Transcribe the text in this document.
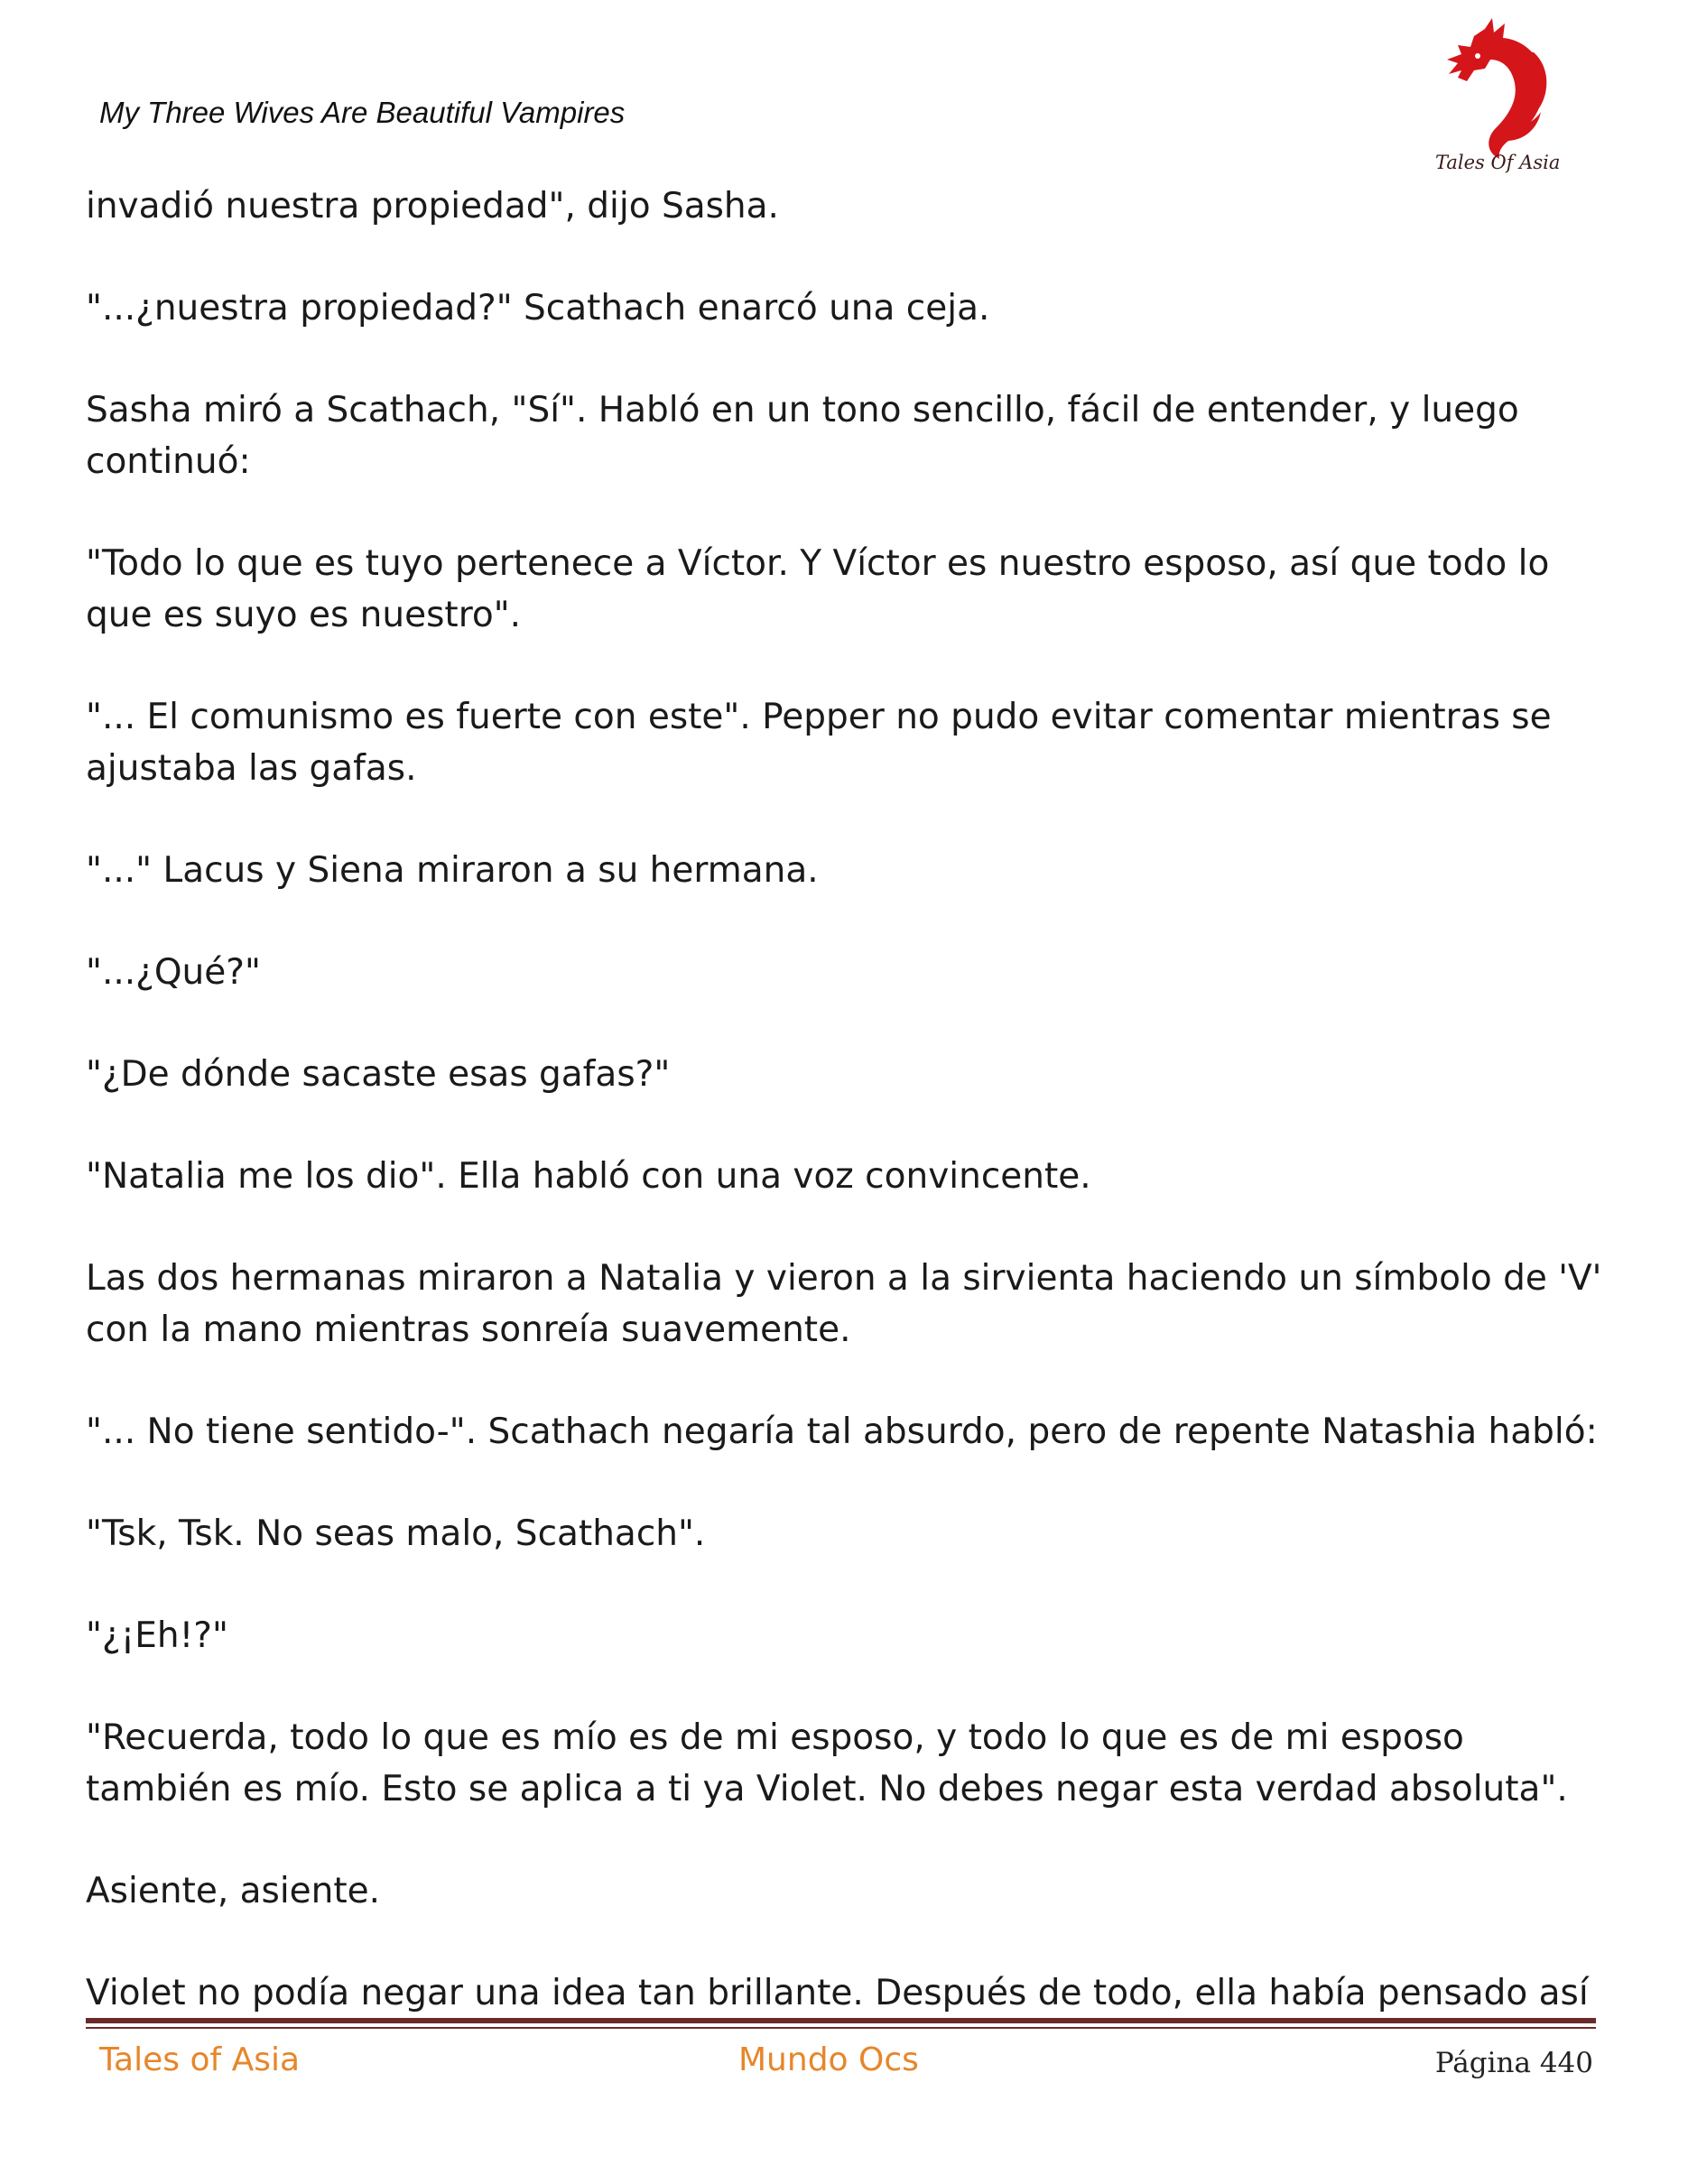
My Three Wives Are Beautiful Vampires
Tales Of Asia

invadió nuestra propiedad", dijo Sasha.

"...¿nuestra propiedad?" Scathach enarcó una ceja.

Sasha miró a Scathach, "Sí". Habló en un tono sencillo, fácil de entender, y luego continuó:

"Todo lo que es tuyo pertenece a Víctor. Y Víctor es nuestro esposo, así que todo lo que es suyo es nuestro".

"... El comunismo es fuerte con este". Pepper no pudo evitar comentar mientras se ajustaba las gafas.

"..." Lacus y Siena miraron a su hermana.

"...¿Qué?"

"¿De dónde sacaste esas gafas?"

"Natalia me los dio". Ella habló con una voz convincente.

Las dos hermanas miraron a Natalia y vieron a la sirvienta haciendo un símbolo de 'V' con la mano mientras sonreía suavemente.

"... No tiene sentido-". Scathach negaría tal absurdo, pero de repente Natashia habló:

"Tsk, Tsk. No seas malo, Scathach".

"¿¡Eh!?"

"Recuerda, todo lo que es mío es de mi esposo, y todo lo que es de mi esposo también es mío. Esto se aplica a ti ya Violet. No debes negar esta verdad absoluta".

Asiente, asiente.

Violet no podía negar una idea tan brillante. Después de todo, ella había pensado así

Tales of Asia	Mundo Ocs	Página 440
